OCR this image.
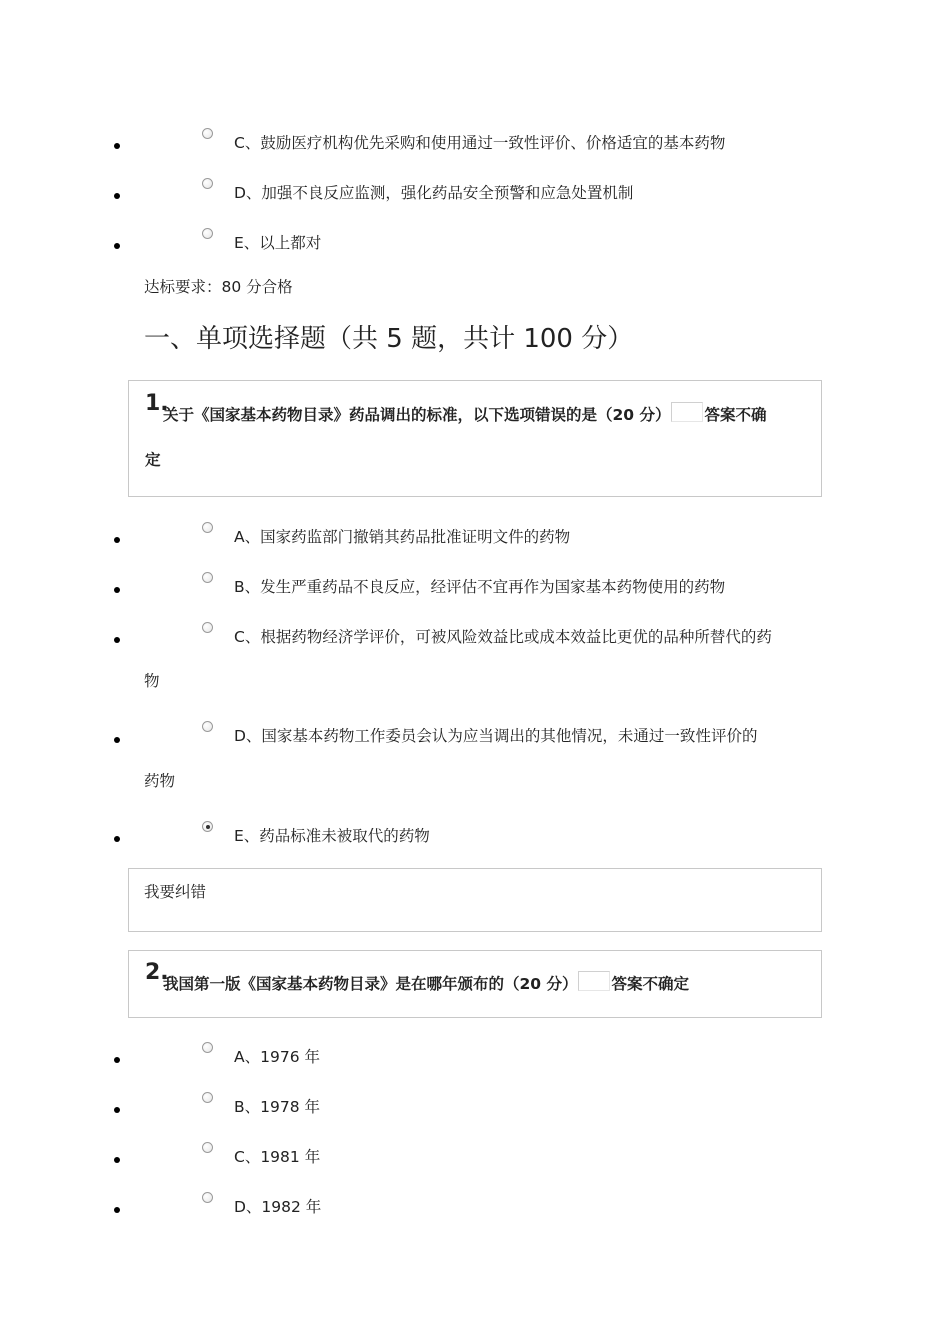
C、鼓励医疗机构优先采购和使用通过一致性评价、价格适宜的基本药物
D、加强不良反应监测，强化药品安全预警和应急处置机制
E、以上都对
达标要求：80 分合格
一、单项选择题（共 5 题，共计 100 分）
1.
关于《国家基本药物目录》药品调出的标准，以下选项错误的是（20 分） 答案不确
定
A、国家药监部门撤销其药品批准证明文件的药物
B、发生严重药品不良反应，经评估不宜再作为国家基本药物使用的药物
C、根据药物经济学评价，可被风险效益比或成本效益比更优的品种所替代的药
物
D、国家基本药物工作委员会认为应当调出的其他情况，未通过一致性评价的
药物
E、药品标准未被取代的药物
我要纠错
2.
我国第一版《国家基本药物目录》是在哪年颁布的（20 分） 答案不确定
A、1976 年
B、1978 年
C、1981 年
D、1982 年
